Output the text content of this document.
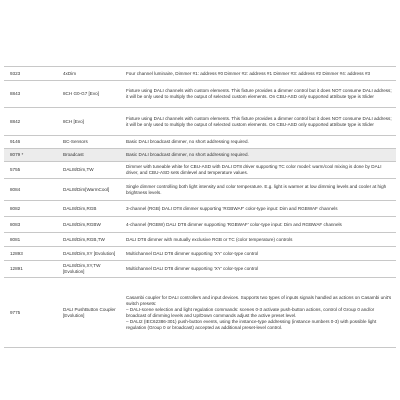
9323	4xDim	Four channel luminaire, Dimmer #1: address #0 Dimmer #2: address #1 Dimmer #3: address #2 Dimmer #4: address #3
8843	8CH G0-G7 [Evo]	Fixture using DALI channels with custom elements. This fixture provides a dimmer control but it does NOT consume DALI address; it will be only used to multiply the output of selected custom elements. On CBU-ASD only supported attribute type is Slider
8842	8CH [Evo]	Fixture using DALI channels with custom elements. This fixture provides a dimmer control but it does NOT consume DALI address; it will be only used to multiply the output of selected custom elements. On CBU-ASD only supported attribute type is Slider
9146	BC-Sensors	Basic DALI broadcast dimmer, no short addressing required.
8079 *	Broadcast	Basic DALI broadcast dimmer, no short addressing required.
5755	DALI8/Dim,TW	Dimmer with tuneable white for CBU-ASD with DALI DT8 driver supporting TC color model: warm/cool mixing is done by DALI driver, and CBU-ASD sets dimlevel and temperature values.
8084	DALI8/Dim[WarmCool]	Single dimmer controlling both light intensity and color temperature. E.g. light is warmer at low dimming levels and cooler at high brightness levels.
8082	DALI8/Dim,RGB	3-channel (RGB) DALI DT8 dimmer supporting 'RGBWAF' color-type input: Dim and RGBWAF channels
8083	DALI8/Dim,RGBW	4-channel (RGBW) DALI DT8 dimmer supporting 'RGBWAF' color-type input: Dim and RGBWAF channels
8081	DALI8/Dim,RGB,TW	DALI DT8 dimmer with mutually exclusive RGB or TC (color temperature) controls
12893	DALI8/Dim,XY [Evolution]	Multichannel DALI DT8 dimmer supporting 'XY' color-type control
12891	DALI8/Dim,XY,TW [Evolution]	Multichannel DALI DT8 dimmer supporting 'XY' color-type control
9775	DALI PushButton Coupler [Evolution]	Casambi coupler for DALI controllers and input devices. Supports two types of inputs signals handled as actions on Casambi unit's switch presets:
– DALI-scene selection and light regulation commands: scenes 0-3 activate push-button actions, control of Group 0 and/or broadcast of dimming levels and Up/Down commands adjust the active preset level.
– DALI2 (IEC62386-301) push-button events, using the instance-type addressing (instance numbers 0-3) with possible light regulation (Group 0 or broadcast) accepted as additional preset-level control.
